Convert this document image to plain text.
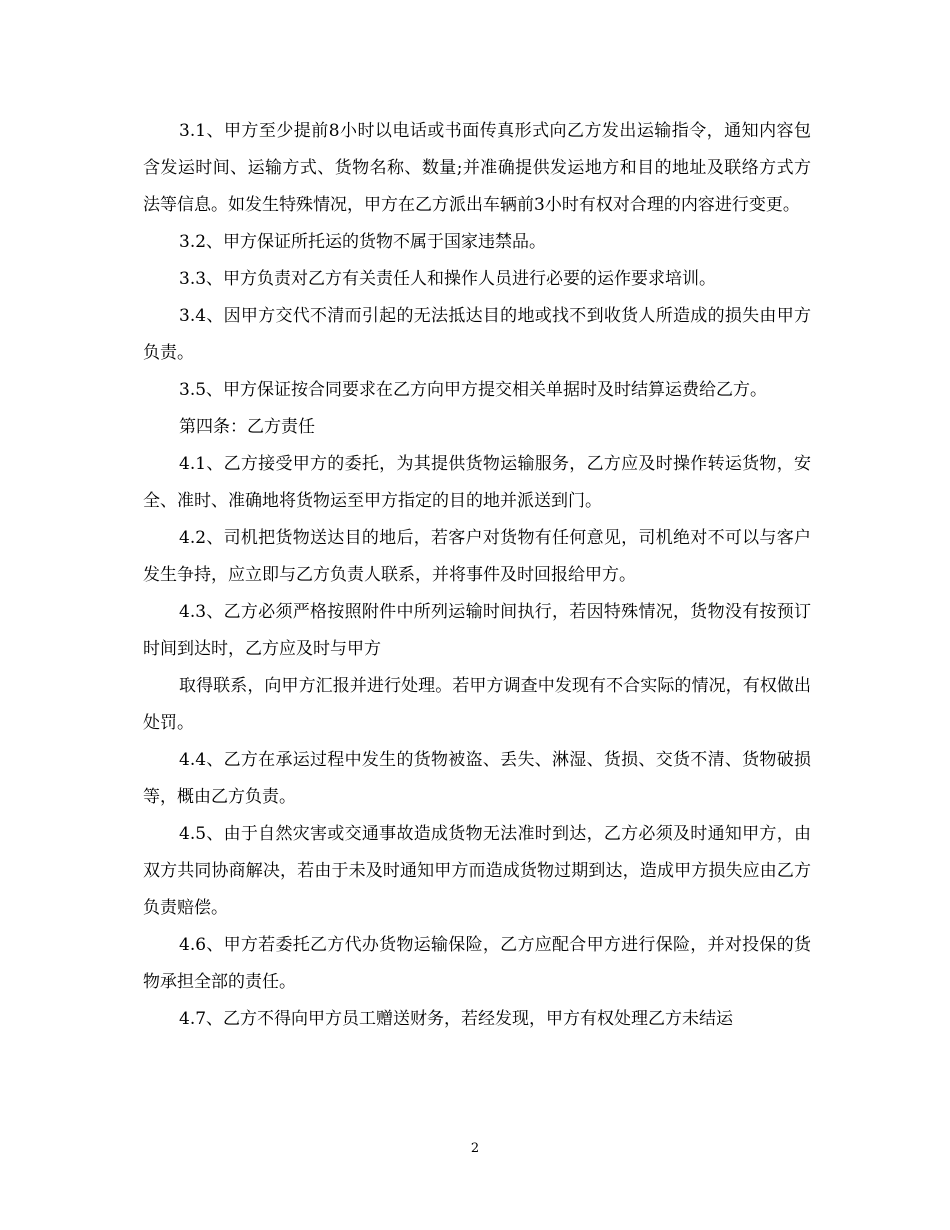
3.1、甲方至少提前8小时以电话或书面传真形式向乙方发出运输指令，通知内容包含发运时间、运输方式、货物名称、数量;并准确提供发运地方和目的地址及联络方式方法等信息。如发生特殊情况，甲方在乙方派出车辆前3小时有权对合理的内容进行变更。

3.2、甲方保证所托运的货物不属于国家违禁品。

3.3、甲方负责对乙方有关责任人和操作人员进行必要的运作要求培训。

3.4、因甲方交代不清而引起的无法抵达目的地或找不到收货人所造成的损失由甲方负责。

3.5、甲方保证按合同要求在乙方向甲方提交相关单据时及时结算运费给乙方。

第四条：乙方责任

4.1、乙方接受甲方的委托，为其提供货物运输服务，乙方应及时操作转运货物，安全、准时、准确地将货物运至甲方指定的目的地并派送到门。

4.2、司机把货物送达目的地后，若客户对货物有任何意见，司机绝对不可以与客户发生争持，应立即与乙方负责人联系，并将事件及时回报给甲方。

4.3、乙方必须严格按照附件中所列运输时间执行，若因特殊情况，货物没有按预订时间到达时，乙方应及时与甲方

取得联系，向甲方汇报并进行处理。若甲方调查中发现有不合实际的情况，有权做出处罚。

4.4、乙方在承运过程中发生的货物被盗、丢失、淋湿、货损、交货不清、货物破损等，概由乙方负责。

4.5、由于自然灾害或交通事故造成货物无法准时到达，乙方必须及时通知甲方，由双方共同协商解决，若由于未及时通知甲方而造成货物过期到达，造成甲方损失应由乙方负责赔偿。

4.6、甲方若委托乙方代办货物运输保险，乙方应配合甲方进行保险，并对投保的货物承担全部的责任。

4.7、乙方不得向甲方员工赠送财务，若经发现，甲方有权处理乙方未结运

2
